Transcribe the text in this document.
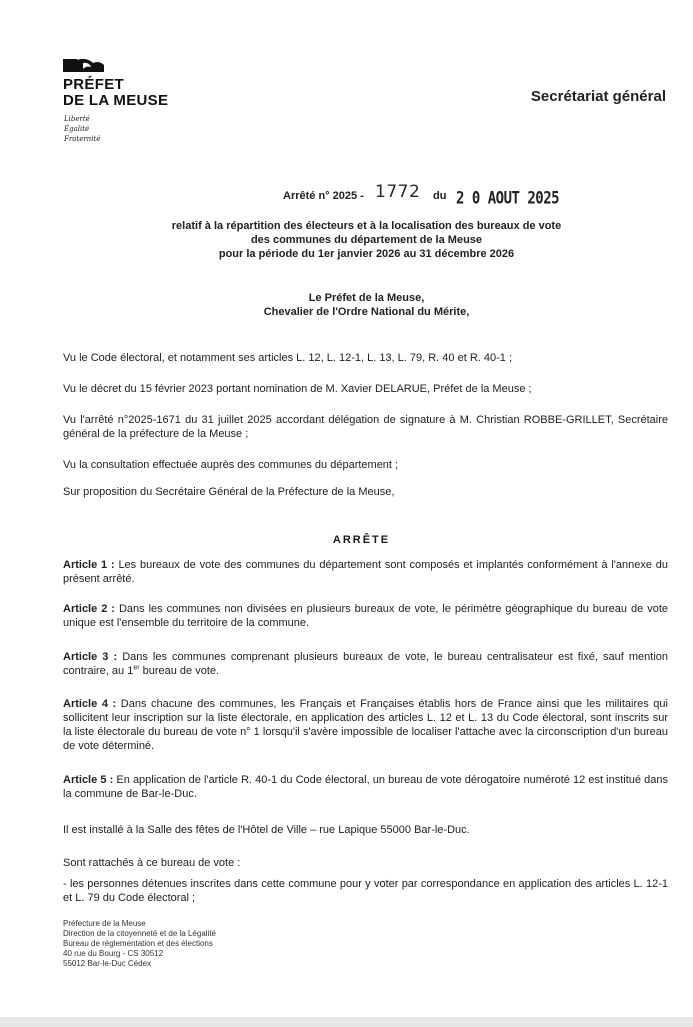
PRÉFET
DE LA MEUSE
Liberté
Égalité
Fraternité
Secrétariat général
Arrêté n° 2025 - 1772 du 2 0 AOUT 2025
relatif à la répartition des électeurs et à la localisation des bureaux de vote
des communes du département de la Meuse
pour la période du 1er janvier 2026 au 31 décembre 2026
Le Préfet de la Meuse,
Chevalier de l'Ordre National du Mérite,
Vu le Code électoral, et notamment ses articles L. 12, L. 12-1, L. 13, L. 79, R. 40 et R. 40-1 ;
Vu le décret du 15 février 2023 portant nomination de M. Xavier DELARUE, Préfet de la Meuse ;
Vu l'arrêté n°2025-1671 du 31 juillet 2025 accordant délégation de signature à M. Christian ROBBE-GRILLET, Secrétaire général de la préfecture de la Meuse ;
Vu la consultation effectuée auprès des communes du département ;
Sur proposition du Secrétaire Général de la Préfecture de la Meuse,
ARRÊTE
Article 1 : Les bureaux de vote des communes du département sont composés et implantés conformément à l'annexe du présent arrêté.
Article 2 : Dans les communes non divisées en plusieurs bureaux de vote, le périmètre géographique du bureau de vote unique est l'ensemble du territoire de la commune.
Article 3 : Dans les communes comprenant plusieurs bureaux de vote, le bureau centralisateur est fixé, sauf mention contraire, au 1er bureau de vote.
Article 4 : Dans chacune des communes, les Français et Françaises établis hors de France ainsi que les militaires qui sollicitent leur inscription sur la liste électorale, en application des articles L. 12 et L. 13 du Code électoral, sont inscrits sur la liste électorale du bureau de vote n° 1 lorsqu'il s'avère impossible de localiser l'attache avec la circonscription d'un bureau de vote déterminé.
Article 5 : En application de l'article R. 40-1 du Code électoral, un bureau de vote dérogatoire numéroté 12 est institué dans la commune de Bar-le-Duc.
Il est installé à la Salle des fêtes de l'Hôtel de Ville – rue Lapique 55000 Bar-le-Duc.
Sont rattachés à ce bureau de vote :
- les personnes détenues inscrites dans cette commune pour y voter par correspondance en application des articles L. 12-1 et L. 79 du Code électoral ;
Préfecture de la Meuse
Direction de la citoyenneté et de la Légalité
Bureau de réglementation et des élections
40 rue du Bourg - CS 30512
55012 Bar-le-Duc Cédex
